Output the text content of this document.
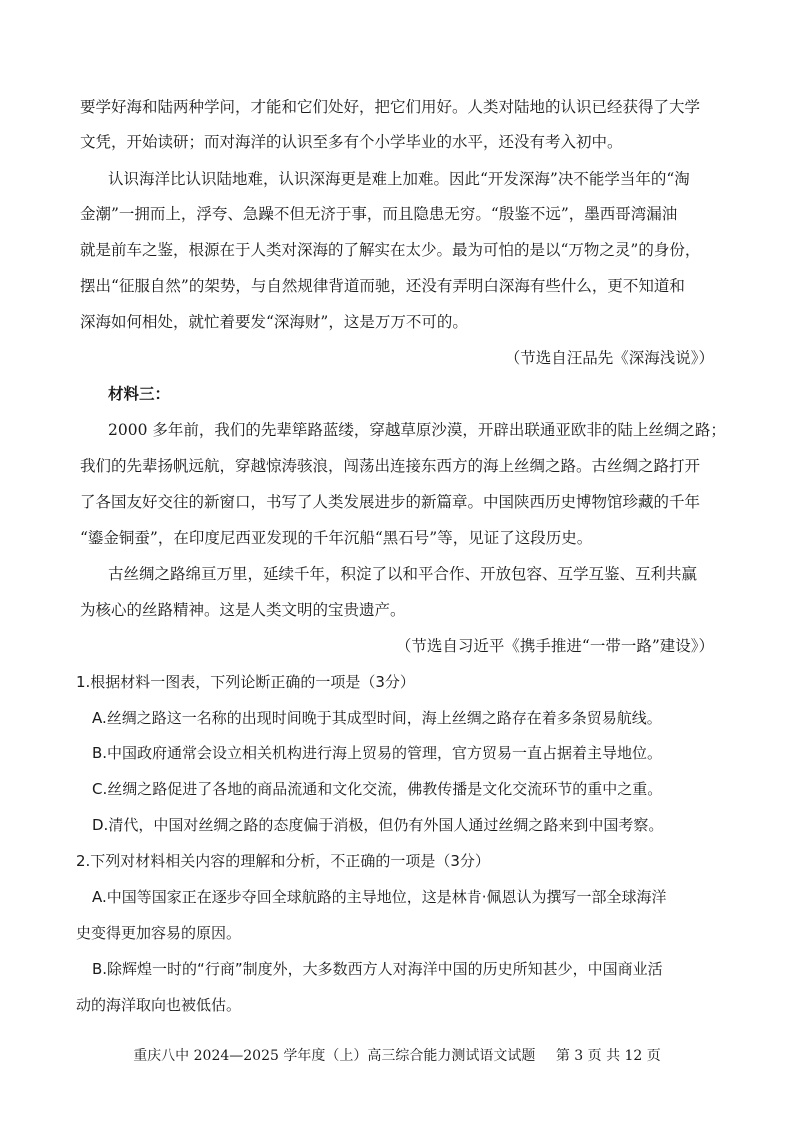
要学好海和陆两种学问，才能和它们处好，把它们用好。人类对陆地的认识已经获得了大学
文凭，开始读研；而对海洋的认识至多有个小学毕业的水平，还没有考入初中。
认识海洋比认识陆地难，认识深海更是难上加难。因此“开发深海”决不能学当年的“淘
金潮”一拥而上，浮夸、急躁不但无济于事，而且隐患无穷。“殷鉴不远”，墨西哥湾漏油
就是前车之鉴，根源在于人类对深海的了解实在太少。最为可怕的是以“万物之灵”的身份，
摆出“征服自然”的架势，与自然规律背道而驰，还没有弄明白深海有些什么，更不知道和
深海如何相处，就忙着要发“深海财”，这是万万不可的。
（节选自汪品先《深海浅说》）
材料三：
2000 多年前，我们的先辈筚路蓝缕，穿越草原沙漠，开辟出联通亚欧非的陆上丝绸之路；
我们的先辈扬帆远航，穿越惊涛骇浪，闯荡出连接东西方的海上丝绸之路。古丝绸之路打开
了各国友好交往的新窗口，书写了人类发展进步的新篇章。中国陕西历史博物馆珍藏的千年
“鎏金铜蚕”，在印度尼西亚发现的千年沉船“黑石号”等，见证了这段历史。
古丝绸之路绵亘万里，延续千年，积淀了以和平合作、开放包容、互学互鉴、互利共赢
为核心的丝路精神。这是人类文明的宝贵遗产。
（节选自习近平《携手推进“一带一路”建设》）
1.根据材料一图表，下列论断正确的一项是（3分）
A.丝绸之路这一名称的出现时间晚于其成型时间，海上丝绸之路存在着多条贸易航线。
B.中国政府通常会设立相关机构进行海上贸易的管理，官方贸易一直占据着主导地位。
C.丝绸之路促进了各地的商品流通和文化交流，佛教传播是文化交流环节的重中之重。
D.清代，中国对丝绸之路的态度偏于消极，但仍有外国人通过丝绸之路来到中国考察。
2.下列对材料相关内容的理解和分析，不正确的一项是（3分）
A.中国等国家正在逐步夺回全球航路的主导地位，这是林肯·佩恩认为撰写一部全球海洋
史变得更加容易的原因。
B.除辉煌一时的“行商”制度外，大多数西方人对海洋中国的历史所知甚少，中国商业活
动的海洋取向也被低估。
重庆八中 2024—2025 学年度（上）高三综合能力测试语文试题 第 3 页 共 12 页
